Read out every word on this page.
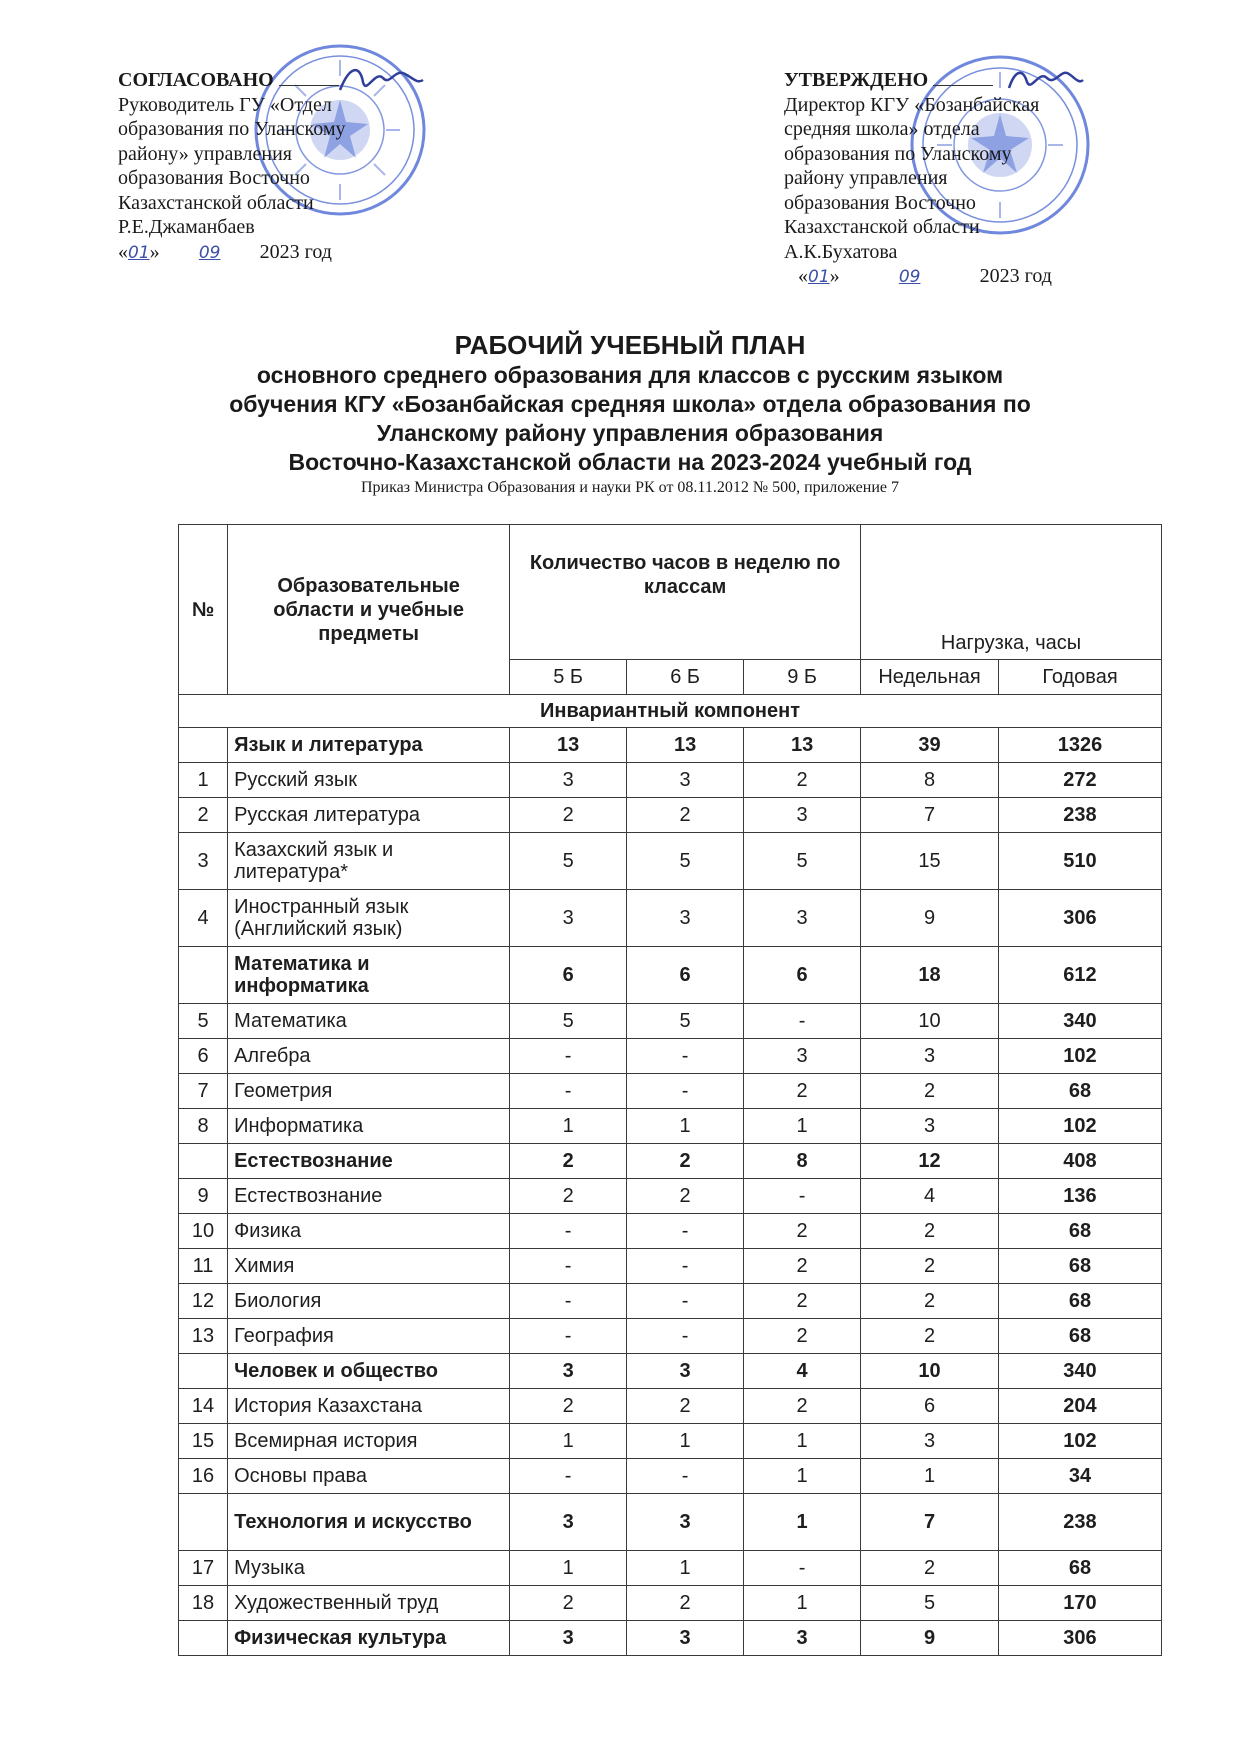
СОГЛАСОВАНО
Руководитель ГУ «Отдел
образования по Уланскому
району» управления
образования Восточно
Казахстанской области
Р.Е.Джаманбаев
«01» 09 2023 год
УТВЕРЖДЕНО
Директор КГУ «Бозанбайская
средняя школа» отдела
образования по Уланскому
району управления
образования Восточно
Казахстанской области
А.К.Бухатова
«01»	09	2023 год
РАБОЧИЙ УЧЕБНЫЙ ПЛАН
основного среднего образования для классов с русским языком
обучения КГУ «Бозанбайская средняя школа» отдела образования по
Уланскому району управления образования
Восточно-Казахстанской области на 2023-2024 учебный год
Приказ Министра Образования и науки РК от 08.11.2012 № 500, приложение 7
№	Образовательные области и учебные предметы	Количество часов в неделю по классам			Нагрузка, часы	
		5 Б	6 Б	9 Б	Недельная	Годовая
Инвариантный компонент						
	Язык и литература	13	13	13	39	1326
1	Русский язык	3	3	2	8	272
2	Русская литература	2	2	3	7	238
3	Казахский язык и литература*	5	5	5	15	510
4	Иностранный язык (Английский язык)	3	3	3	9	306
	Математика и информатика	6	6	6	18	612
5	Математика	5	5	-	10	340
6	Алгебра	-	-	3	3	102
7	Геометрия	-	-	2	2	68
8	Информатика	1	1	1	3	102
	Естествознание	2	2	8	12	408
9	Естествознание	2	2	-	4	136
10	Физика	-	-	2	2	68
11	Химия	-	-	2	2	68
12	Биология	-	-	2	2	68
13	География	-	-	2	2	68
	Человек и общество	3	3	4	10	340
14	История Казахстана	2	2	2	6	204
15	Всемирная история	1	1	1	3	102
16	Основы права	-	-	1	1	34
	Технология и искусство	3	3	1	7	238
17	Музыка	1	1	-	2	68
18	Художественный труд	2	2	1	5	170
	Физическая культура	3	3	3	9	306
